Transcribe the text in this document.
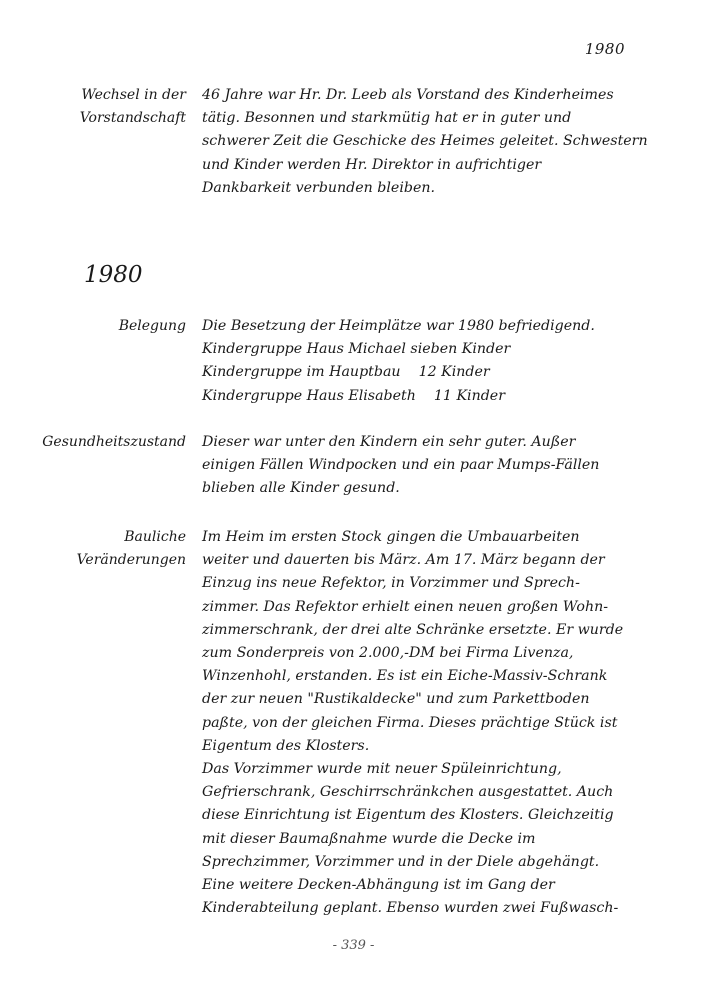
1980
Wechsel in der
Vorstandschaft
46 Jahre war Hr. Dr. Leeb als Vorstand des Kinderheimes
tätig. Besonnen und starkmütig hat er in guter und
schwerer Zeit die Geschicke des Heimes geleitet. Schwestern
und Kinder werden Hr. Direktor in aufrichtiger
Dankbarkeit verbunden bleiben.
1980
Belegung Die Besetzung der Heimplätze war 1980 befriedigend.
Kindergruppe Haus Michael sieben Kinder
Kindergruppe im Hauptbau    12 Kinder
Kindergruppe Haus Elisabeth    11 Kinder
Gesundheitszustand Dieser war unter den Kindern ein sehr guter. Außer
einigen Fällen Windpocken und ein paar Mumps-Fällen
blieben alle Kinder gesund.
Bauliche
Veränderungen
Im Heim im ersten Stock gingen die Umbauarbeiten
weiter und dauerten bis März. Am 17. März begann der
Einzug ins neue Refektor, in Vorzimmer und Sprech-
zimmer. Das Refektor erhielt einen neuen großen Wohn-
zimmerschrank, der drei alte Schränke ersetzte. Er wurde
zum Sonderpreis von 2.000,-DM bei Firma Livenza,
Winzenhohl, erstanden. Es ist ein Eiche-Massiv-Schrank
der zur neuen "Rustikaldecke" und zum Parkettboden
paßte, von der gleichen Firma. Dieses prächtige Stück ist
Eigentum des Klosters.
Das Vorzimmer wurde mit neuer Spüleinrichtung,
Gefrierschrank, Geschirrschränkchen ausgestattet. Auch
diese Einrichtung ist Eigentum des Klosters. Gleichzeitig
mit dieser Baumaßnahme wurde die Decke im
Sprechzimmer, Vorzimmer und in der Diele abgehängt.
Eine weitere Decken-Abhängung ist im Gang der
Kinderabteilung geplant. Ebenso wurden zwei Fußwasch-
- 339 -
